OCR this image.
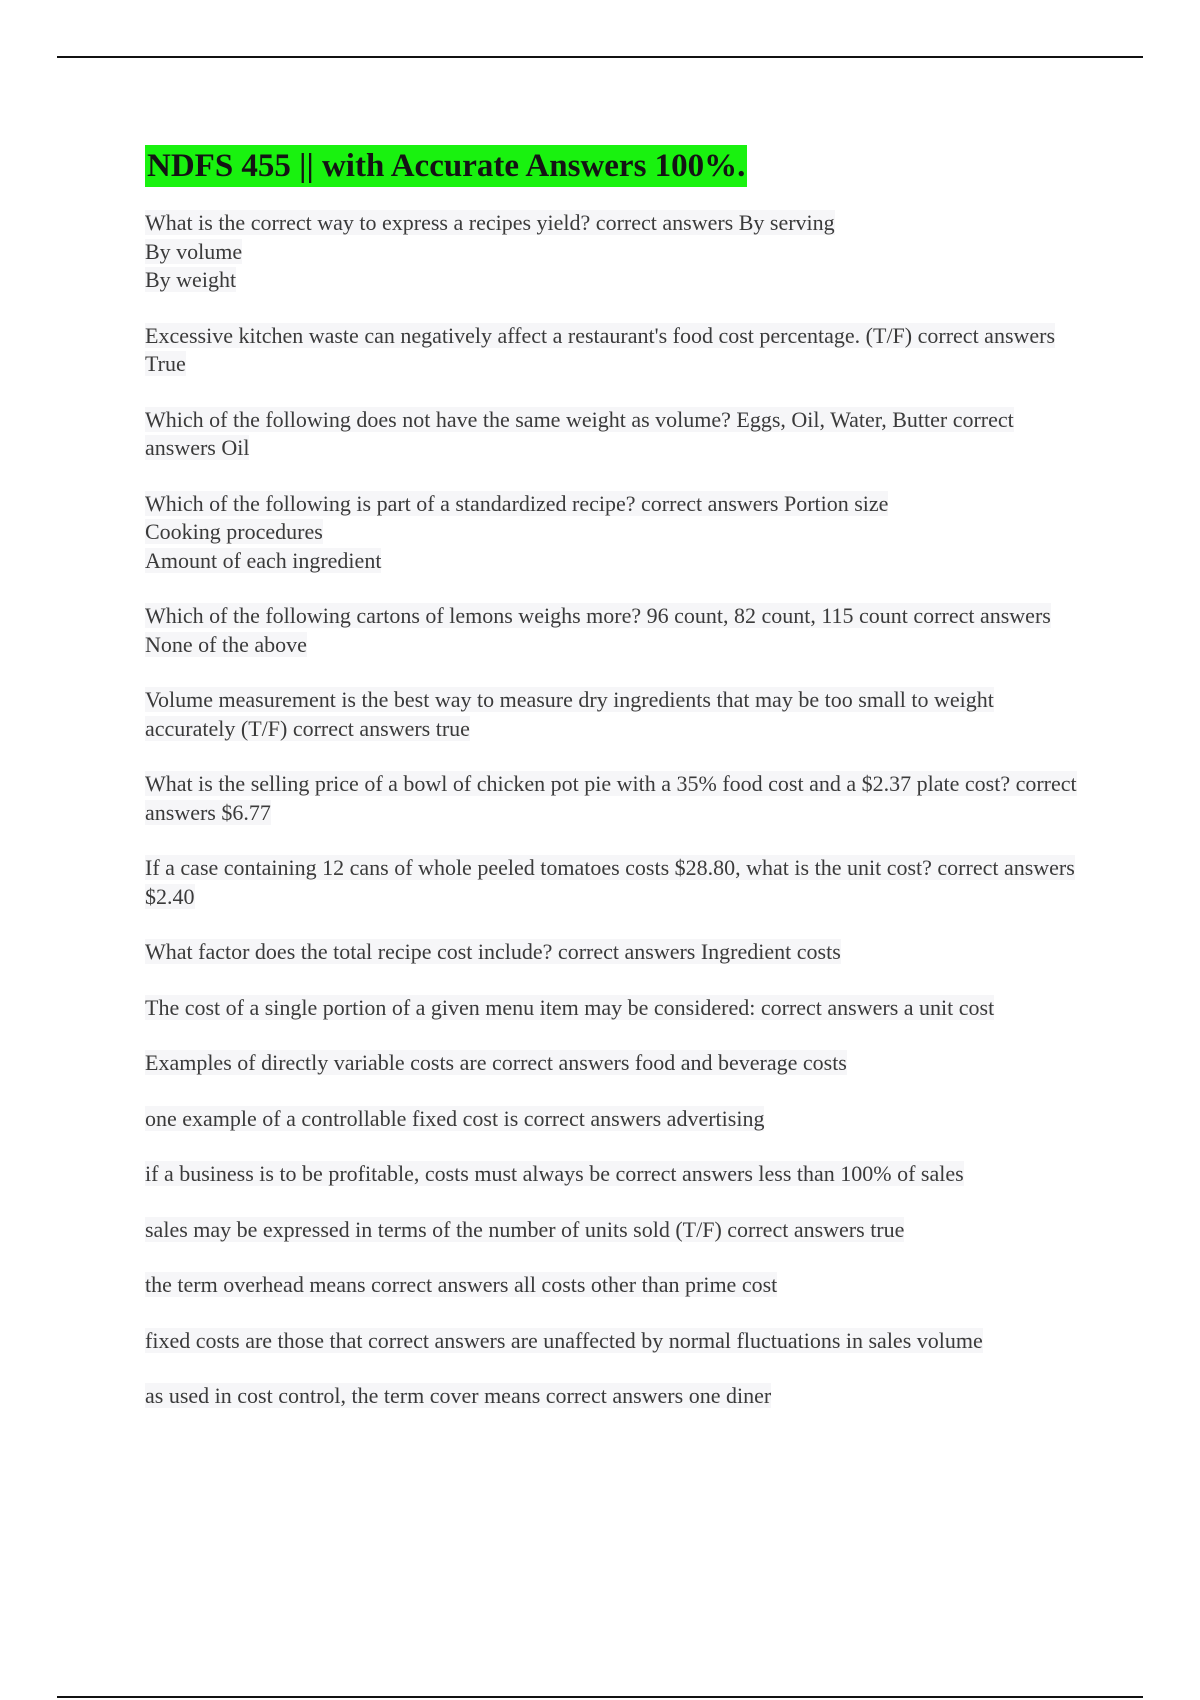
NDFS 455 || with Accurate Answers 100%.
What is the correct way to express a recipes yield? correct answers By serving
By volume
By weight
Excessive kitchen waste can negatively affect a restaurant's food cost percentage. (T/F) correct answers True
Which of the following does not have the same weight as volume? Eggs, Oil, Water, Butter correct answers Oil
Which of the following is part of a standardized recipe? correct answers Portion size
Cooking procedures
Amount of each ingredient
Which of the following cartons of lemons weighs more? 96 count, 82 count, 115 count correct answers None of the above
Volume measurement is the best way to measure dry ingredients that may be too small to weight accurately (T/F) correct answers true
What is the selling price of a bowl of chicken pot pie with a 35% food cost and a $2.37 plate cost? correct answers $6.77
If a case containing 12 cans of whole peeled tomatoes costs $28.80, what is the unit cost? correct answers $2.40
What factor does the total recipe cost include? correct answers Ingredient costs
The cost of a single portion of a given menu item may be considered: correct answers a unit cost
Examples of directly variable costs are correct answers food and beverage costs
one example of a controllable fixed cost is correct answers advertising
if a business is to be profitable, costs must always be correct answers less than 100% of sales
sales may be expressed in terms of the number of units sold (T/F) correct answers true
the term overhead means correct answers all costs other than prime cost
fixed costs are those that correct answers are unaffected by normal fluctuations in sales volume
as used in cost control, the term cover means correct answers one diner
